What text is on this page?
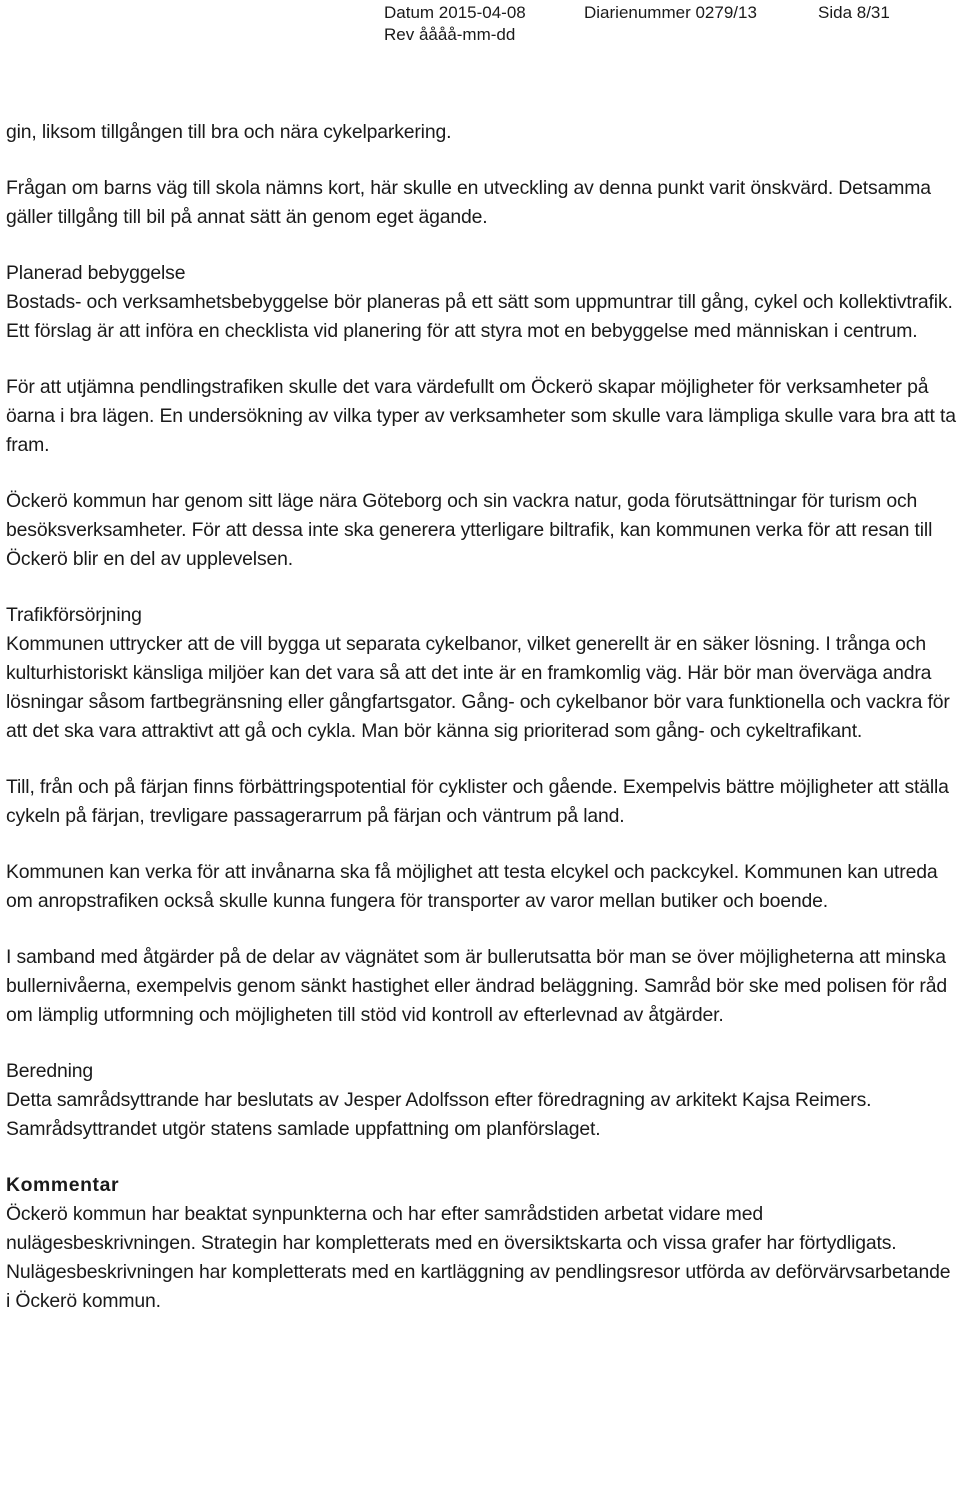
Datum 2015-04-08	Diarienummer 0279/13	Sida 8/31
Rev åååå-mm-dd

gin, liksom tillgången till bra och nära cykelparkering.

Frågan om barns väg till skola nämns kort, här skulle en utveckling av denna punkt varit önskvärd. Detsamma gäller tillgång till bil på annat sätt än genom eget ägande.

Planerad bebyggelse

Bostads- och verksamhetsbebyggelse bör planeras på ett sätt som uppmuntrar till gång, cykel och kollektivtrafik. Ett förslag är att införa en checklista vid planering för att styra mot en bebyggelse med människan i centrum.

För att utjämna pendlingstrafiken skulle det vara värdefullt om Öckerö skapar möjligheter för verksamheter på öarna i bra lägen. En undersökning av vilka typer av verksamheter som skulle vara lämpliga skulle vara bra att ta fram.

Öckerö kommun har genom sitt läge nära Göteborg och sin vackra natur, goda förutsättningar för turism och besöksverksamheter. För att dessa inte ska generera ytterligare biltrafik, kan kommunen verka för att resan till Öckerö blir en del av upplevelsen.

Trafikförsörjning

Kommunen uttrycker att de vill bygga ut separata cykelbanor, vilket generellt är en säker lösning. I trånga och kulturhistoriskt känsliga miljöer kan det vara så att det inte är en framkomlig väg. Här bör man överväga andra lösningar såsom fartbegränsning eller gångfartsgator. Gång- och cykelbanor bör vara funktionella och vackra för att det ska vara attraktivt att gå och cykla. Man bör känna sig prioriterad som gång- och cykeltrafikant.

Till, från och på färjan finns förbättringspotential för cyklister och gående. Exempelvis bättre möjligheter att ställa cykeln på färjan, trevligare passagerarrum på färjan och väntrum på land.

Kommunen kan verka för att invånarna ska få möjlighet att testa elcykel och packcykel. Kommunen kan utreda om anropstrafiken också skulle kunna fungera för transporter av varor mellan butiker och boende.

I samband med åtgärder på de delar av vägnätet som är bullerutsatta bör man se över möjligheterna att minska bullernivåerna, exempelvis genom sänkt hastighet eller ändrad beläggning. Samråd bör ske med polisen för råd om lämplig utformning och möjligheten till stöd vid kontroll av efterlevnad av åtgärder.

Beredning

Detta samrådsyttrande har beslutats av Jesper Adolfsson efter föredragning av arkitekt Kajsa Reimers. Samrådsyttrandet utgör statens samlade uppfattning om planförslaget.

Kommentar

Öckerö kommun har beaktat synpunkterna och har efter samrådstiden arbetat vidare med nulägesbeskrivningen. Strategin har kompletterats med en översiktskarta och vissa grafer har förtydligats. Nulägesbeskrivningen har kompletterats med en kartläggning av pendlingsresor utförda av deförvärvsarbetande i Öckerö kommun.
